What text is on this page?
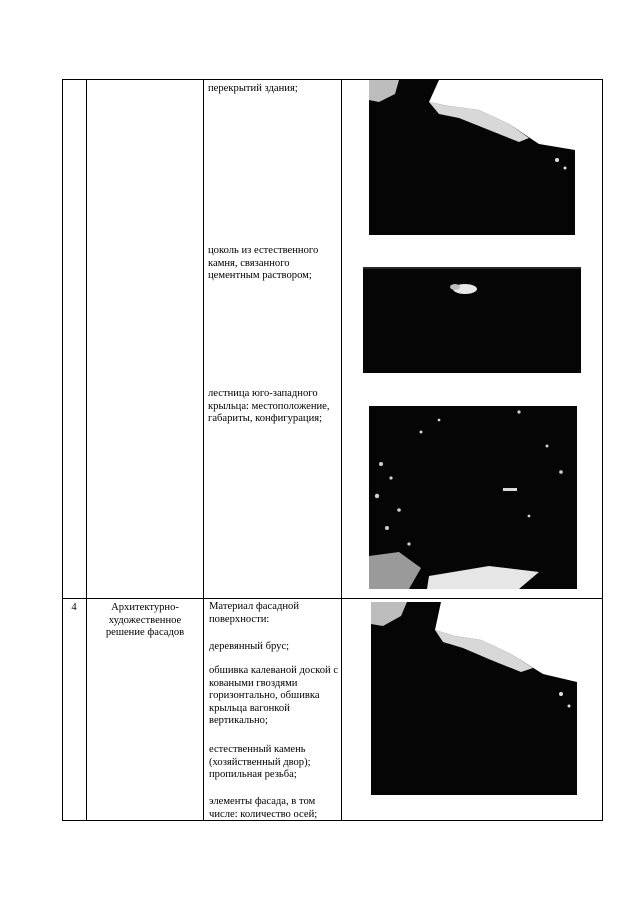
перекрытий здания;
цоколь из естественного камня, связанного цементным раствором;
лестница юго-западного крыльца: местоположение, габариты, конфигурация;
4	Архитектурно-художественное решение фасадов
Материал фасадной поверхности:
деревянный брус;
обшивка калеваной доской с коваными гвоздями горизонтально, обшивка крыльца вагонкой вертикально;
естественный камень (хозяйственный двор); пропильная резьба;
элементы фасада, в том числе: количество осей;
